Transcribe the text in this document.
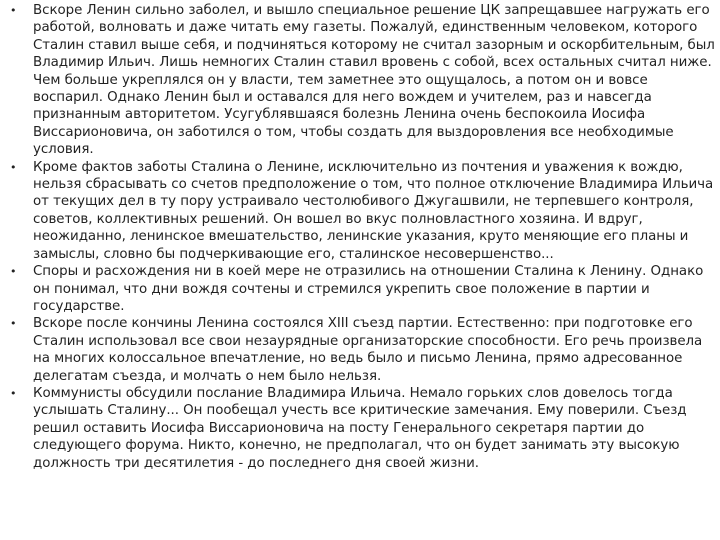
• Вскоре Ленин сильно заболел, и вышло специальное решение ЦК запрещавшее нагружать его работой, волновать и даже читать ему газеты. Пожалуй, единственным человеком, которого Сталин ставил выше себя, и подчиняться которому не считал зазорным и оскорбительным, был Владимир Ильич. Лишь немногих Сталин ставил вровень с собой, всех остальных считал ниже. Чем больше укреплялся он у власти, тем заметнее это ощущалось, а потом он и вовсе воспарил. Однако Ленин был и оставался для него вождем и учителем, раз и навсегда признанным авторитетом. Усугублявшаяся болезнь Ленина очень беспокоила Иосифа Виссарионовича, он заботился о том, чтобы создать для выздоровления все необходимые условия.
• Кроме фактов заботы Сталина о Ленине, исключительно из почтения и уважения к вождю, нельзя сбрасывать со счетов предположение о том, что полное отключение Владимира Ильича от текущих дел в ту пору устраивало честолюбивого Джугашвили, не терпевшего контроля, советов, коллективных решений. Он вошел во вкус полновластного хозяина. И вдруг, неожиданно, ленинское вмешательство, ленинские указания, круто меняющие его планы и замыслы, словно бы подчеркивающие его, сталинское несовершенство...
• Споры и расхождения ни в коей мере не отразились на отношении Сталина к Ленину. Однако он понимал, что дни вождя сочтены и стремился укрепить свое положение в партии и государстве.
• Вскоре после кончины Ленина состоялся XIII съезд партии. Естественно: при подготовке его Сталин использовал все свои незаурядные организаторские способности. Его речь произвела на многих колоссальное впечатление, но ведь было и письмо Ленина, прямо адресованное делегатам съезда, и молчать о нем было нельзя.
• Коммунисты обсудили послание Владимира Ильича. Немало горьких слов довелось тогда услышать Сталину... Он пообещал учесть все критические замечания. Ему поверили. Съезд решил оставить Иосифа Виссарионовича на посту Генерального секретаря партии до следующего форума. Никто, конечно, не предполагал, что он будет занимать эту высокую должность три десятилетия - до последнего дня своей жизни.
